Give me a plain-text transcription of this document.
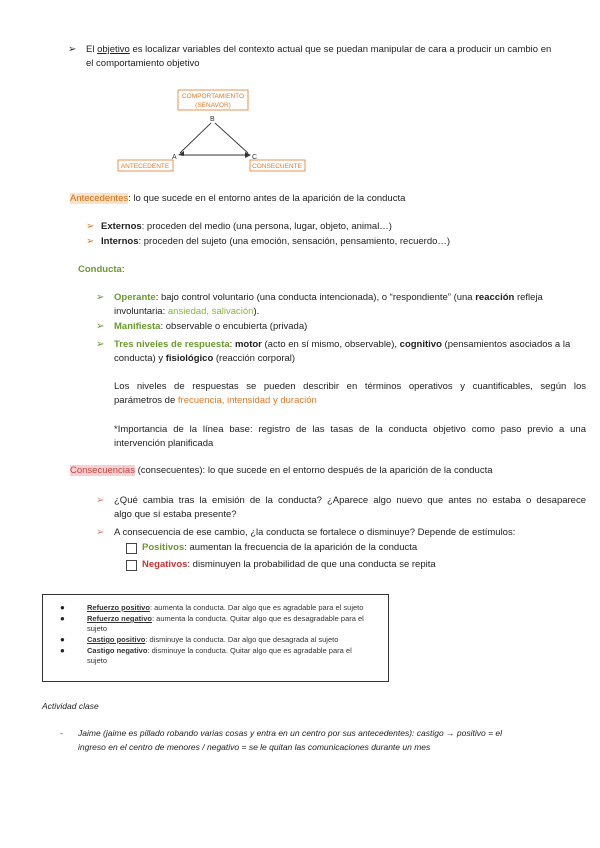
➢ El objetivo es localizar variables del contexto actual que se puedan manipular de cara a producir un cambio en
el comportamiento objetivo
COMPORTAMIENTO
(SENAVOR)
B
A	C
ANTECEDENTE	CONSECUENTE
Antecedentes: lo que sucede en el entorno antes de la aparición de la conducta
➢ Externos: proceden del medio (una persona, lugar, objeto, animal…)
➢ Internos: proceden del sujeto (una emoción, sensación, pensamiento, recuerdo…)
Conducta:
➢ Operante: bajo control voluntario (una conducta intencionada), o “respondiente” (una reacción refleja
involuntaria: ansiedad, salivación).
➢ Manifiesta: observable o encubierta (privada)
➢ Tres niveles de respuesta: motor (acto en sí mismo, observable), cognitivo (pensamientos asociados a la
conducta) y fisiológico (reacción corporal)
Los niveles de respuestas se pueden describir en términos operativos y cuantificables, según los
parámetros de frecuencia, intensidad y duración
*Importancia de la línea base: registro de las tasas de la conducta objetivo como paso previo a una
intervención planificada
Consecuencias (consecuentes): lo que sucede en el entorno después de la aparición de la conducta
➢ ¿Qué cambia tras la emisión de la conducta? ¿Aparece algo nuevo que antes no estaba o desaparece
algo que sí estaba presente?
➢ A consecuencia de ese cambio, ¿la conducta se fortalece o disminuye? Depende de estímulos:
Positivos: aumentan la frecuencia de la aparición de la conducta
Negativos: disminuyen la probabilidad de que una conducta se repita
●	Refuerzo positivo: aumenta la conducta. Dar algo que es agradable para el sujeto
●	Refuerzo negativo: aumenta la conducta. Quitar algo que es desagradable para el
sujeto
●	Castigo positivo: disminuye la conducta. Dar algo que desagrada al sujeto
●	Castigo negativo: disminuye la conducta. Quitar algo que es agradable para el
sujeto
Actividad clase
- Jaime (jaime es pillado robando varias cosas y entra en un centro por sus antecedentes): castigo → positivo = el
ingreso en el centro de menores / negativo = se le quitan las comunicaciones durante un mes
